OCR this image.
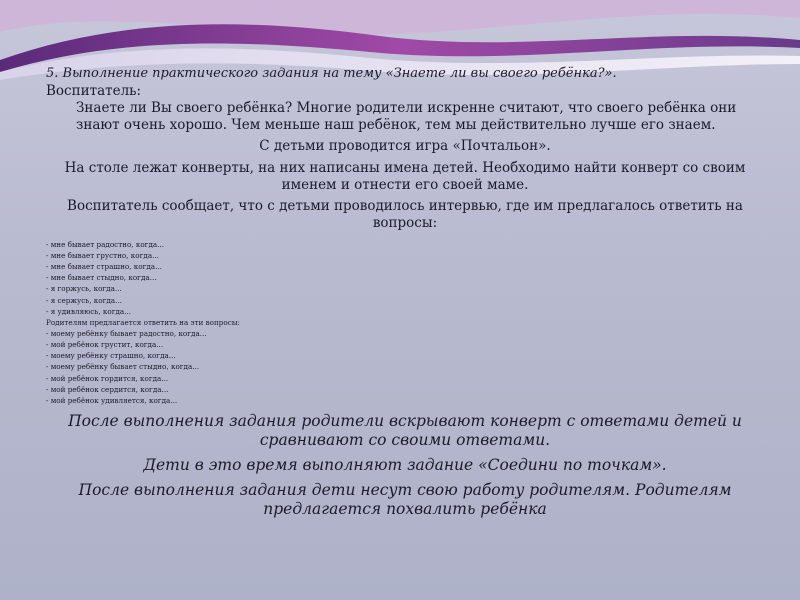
5. Выполнение практического задания на тему «Знаете ли вы своего ребёнка?».

Воспитатель:

Знаете ли Вы своего ребёнка? Многие родители искренне считают, что своего ребёнка они знают очень хорошо. Чем меньше наш ребёнок, тем мы действительно лучше его знаем.

С детьми проводится игра «Почтальон».

На столе лежат конверты, на них написаны имена детей. Необходимо найти конверт со своим именем и отнести его своей маме.

Воспитатель сообщает, что с детьми проводилось интервью, где им предлагалось ответить на вопросы:

- мне бывает радостно, когда...
- мне бывает грустно, когда...
- мне бывает страшно, когда...
- мне бывает стыдно, когда...
- я горжусь, когда...
- я сержусь, когда...
- я удивляюсь, когда...

Родителям предлагается ответить на эти вопросы:

- моему ребёнку бывает радостно, когда...
- мой ребёнок грустит, когда...
- моему ребёнку страшно, когда...
- моему ребёнку бывает стыдно, когда...
- мой ребёнок гордится, когда...
- мой ребёнок сердится, когда...
- мой ребёнок удивляется, когда...

После выполнения задания родители вскрывают конверт с ответами детей и сравнивают со своими ответами.

Дети в это время выполняют задание «Соедини по точкам».

После выполнения задания дети несут свою работу родителям. Родителям предлагается похвалить ребёнка
